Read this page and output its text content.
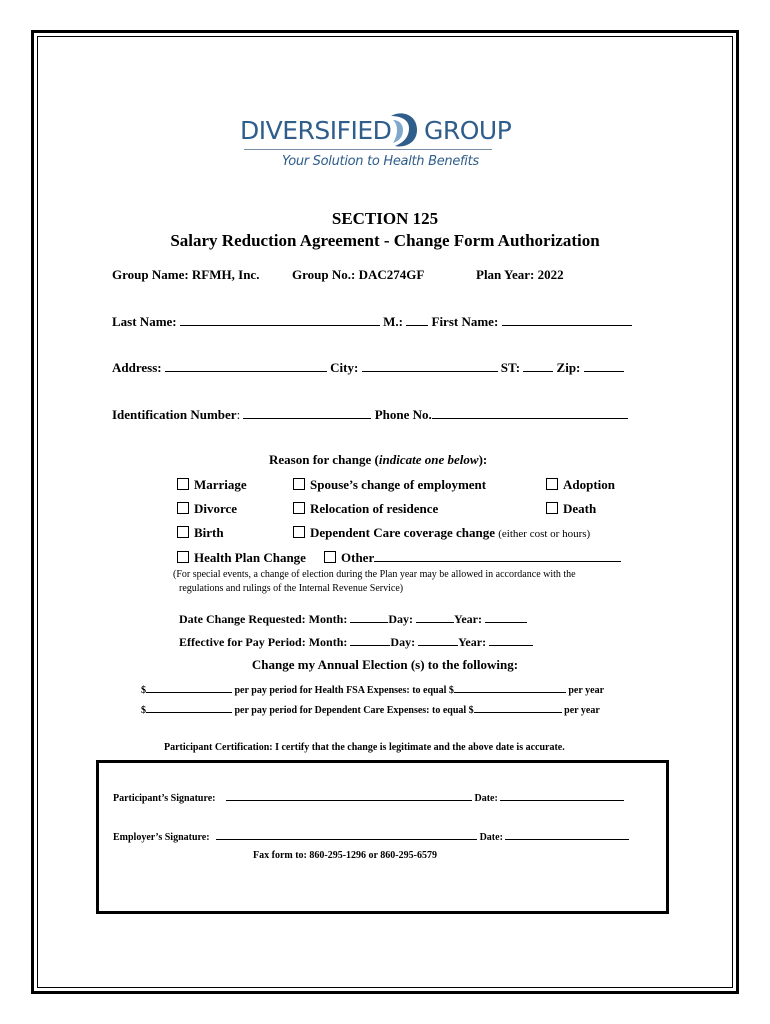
DIVERSIFIED GROUP
Your Solution to Health Benefits
SECTION 125
Salary Reduction Agreement - Change Form Authorization
Group Name: RFMH, Inc.	Group No.: DAC274GF	Plan Year: 2022
Last Name:	M.: First Name:
Address:	City:	ST:	Zip:
Identification Number:	Phone No.
Reason for change (indicate one below):
Marriage	Spouse’s change of employment	Adoption
Divorce	Relocation of residence	Death
Birth	Dependent Care coverage change (either cost or hours)
Health Plan Change	Other
(For special events, a change of election during the Plan year may be allowed in accordance with the
regulations and rulings of the Internal Revenue Service)
Date Change Requested: Month:	Day:	Year:
Effective for Pay Period: Month:	Day:	Year:
Change my Annual Election (s) to the following:
$	per pay period for Health FSA Expenses: to equal $	per year
$	per pay period for Dependent Care Expenses: to equal $	per year
Participant Certification: I certify that the change is legitimate and the above date is accurate.
Participant’s Signature:	Date:
Employer’s Signature:	Date:
Fax form to: 860-295-1296 or 860-295-6579
